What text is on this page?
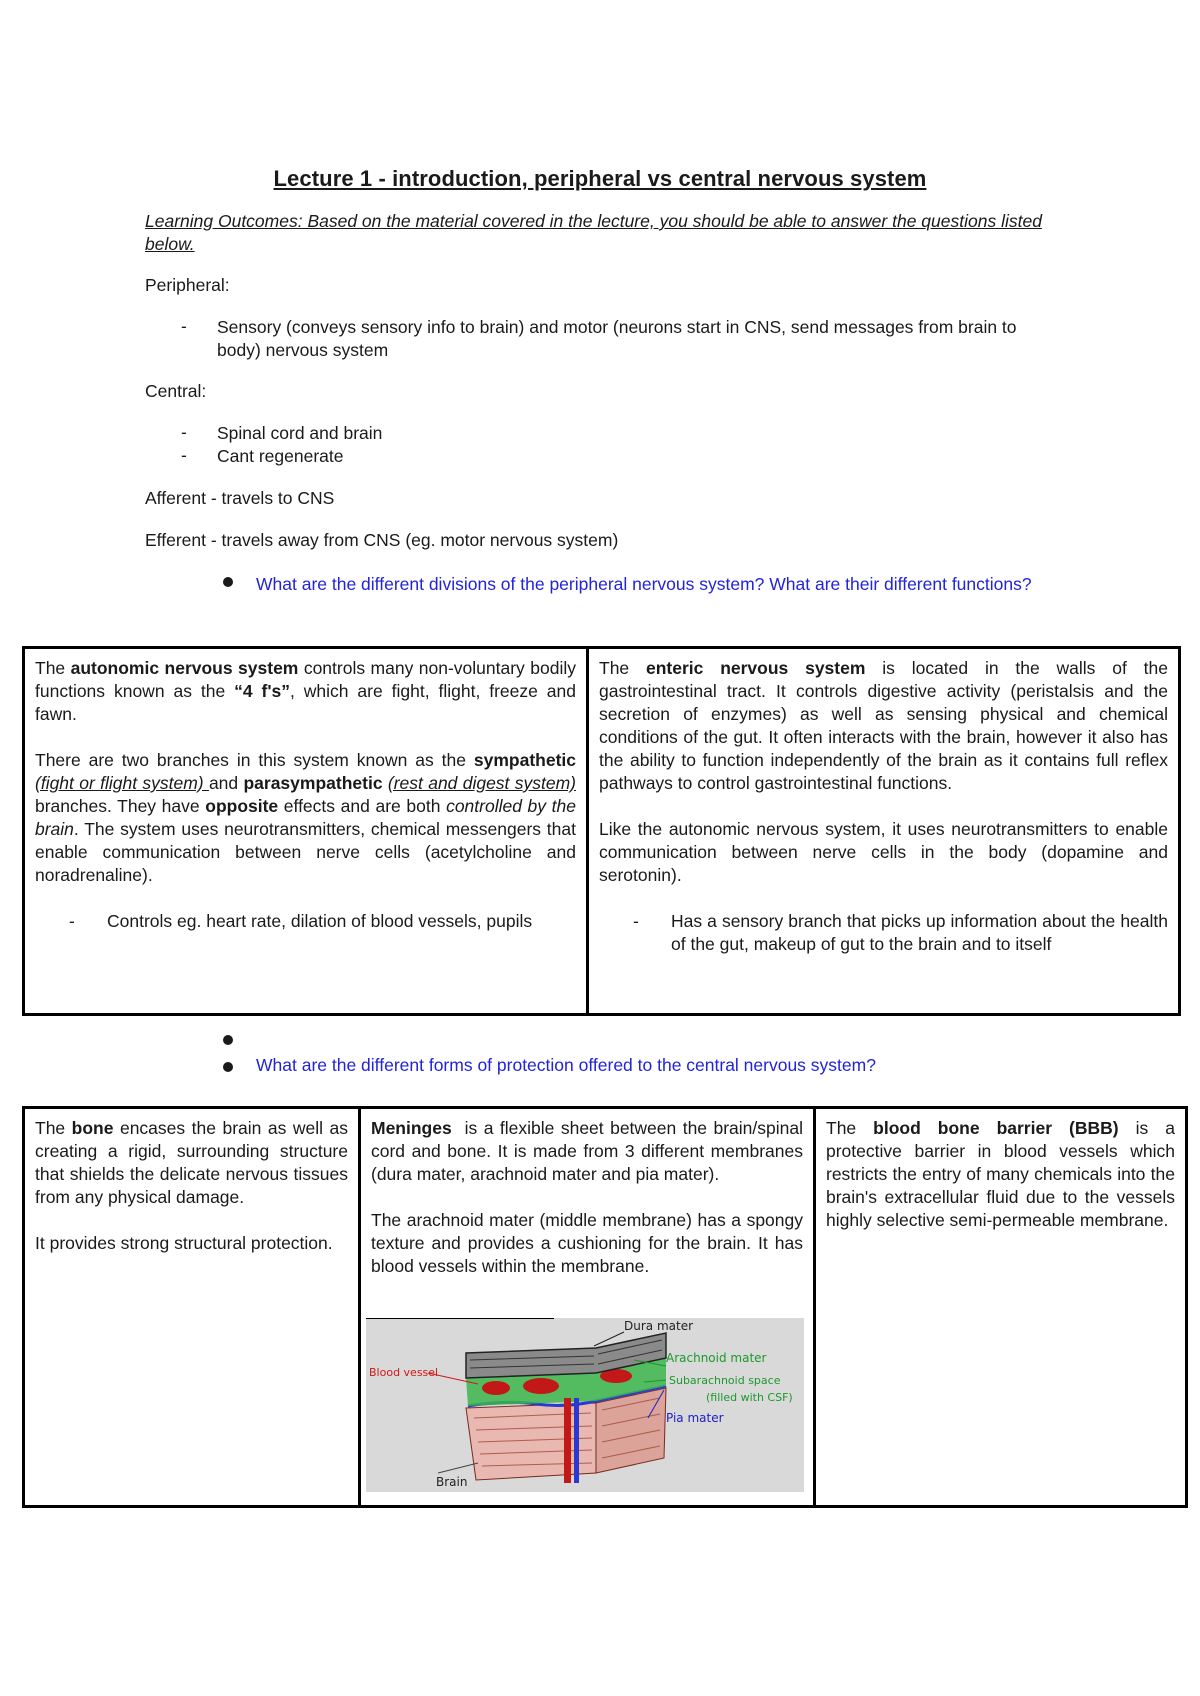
Lecture 1 - introduction, peripheral vs central nervous system
Learning Outcomes: Based on the material covered in the lecture, you should be able to answer the questions listed below.
Peripheral:
- Sensory (conveys sensory info to brain) and motor (neurons start in CNS, send messages from brain to body) nervous system
Central:
- Spinal cord and brain
- Cant regenerate
Afferent - travels to CNS
Efferent - travels away from CNS (eg. motor nervous system)
What are the different divisions of the peripheral nervous system? What are their different functions?

The autonomic nervous system controls many non-voluntary bodily functions known as the “4 f's”, which are fight, flight, freeze and fawn.

There are two branches in this system known as the sympathetic (fight or flight system) and parasympathetic (rest and digest system) branches. They have opposite effects and are both controlled by the brain. The system uses neurotransmitters, chemical messengers that enable communication between nerve cells (acetylcholine and noradrenaline).

-	Controls eg. heart rate, dilation of blood vessels, pupils

The enteric nervous system is located in the walls of the gastrointestinal tract. It controls digestive activity (peristalsis and the secretion of enzymes) as well as sensing physical and chemical conditions of the gut. It often interacts with the brain, however it also has the ability to function independently of the brain as it contains full reflex pathways to control gastrointestinal functions.

Like the autonomic nervous system, it uses neurotransmitters to enable communication between nerve cells in the body (dopamine and serotonin).

-	Has a sensory branch that picks up information about the health of the gut, makeup of gut to the brain and to itself
What are the different forms of protection offered to the central nervous system?

The bone encases the brain as well as creating a rigid, surrounding structure that shields the delicate nervous tissues from any physical damage.

It provides strong structural protection.

Meninges  is a flexible sheet between the brain/spinal cord and bone. It is made from 3 different membranes (dura mater, arachnoid mater and pia mater).

The arachnoid mater (middle membrane) has a spongy texture and provides a cushioning for the brain. It has blood vessels within the membrane.

The blood bone barrier (BBB) is a protective barrier in blood vessels which restricts the entry of many chemicals into the brain's extracellular fluid due to the vessels highly selective semi-permeable membrane.

Dura mater
Arachnoid mater
Subarachnoid space
(filled with CSF)
Pia mater
Blood vessel
Brain
